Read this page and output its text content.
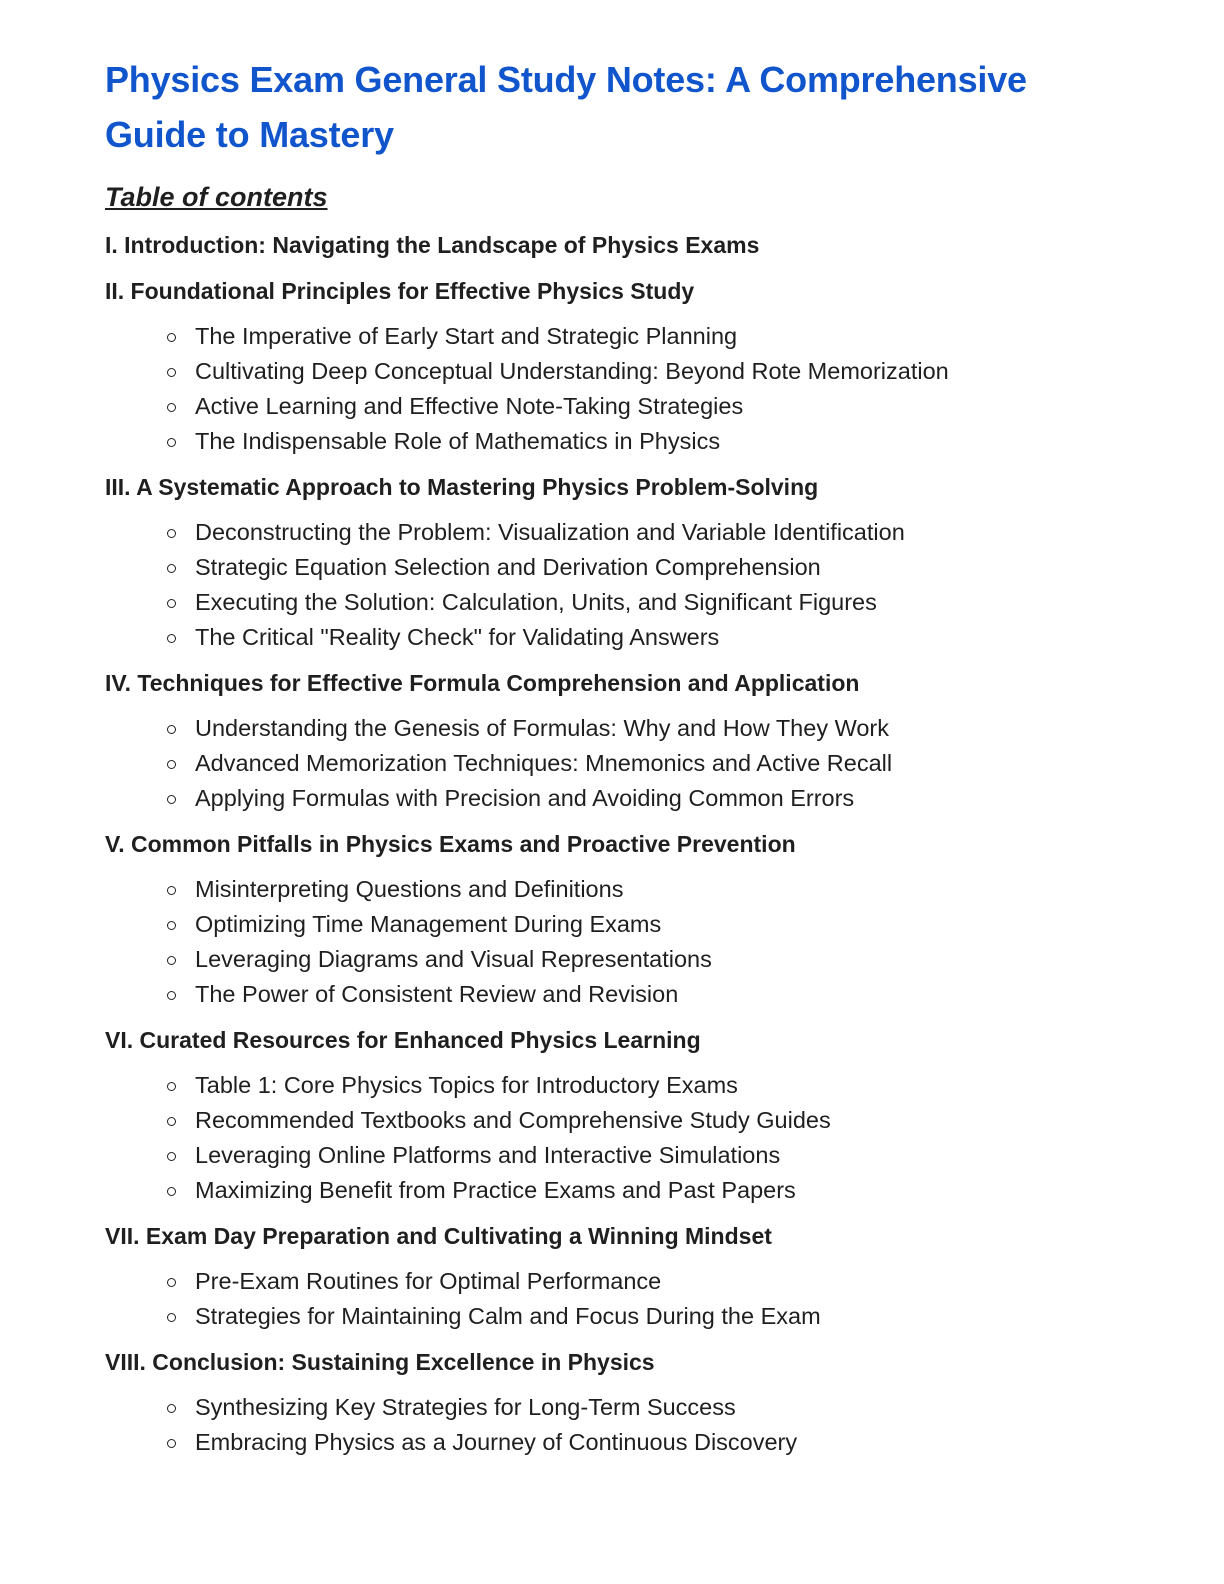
Physics Exam General Study Notes: A Comprehensive Guide to Mastery
Table of contents
I. Introduction: Navigating the Landscape of Physics Exams
II. Foundational Principles for Effective Physics Study
The Imperative of Early Start and Strategic Planning
Cultivating Deep Conceptual Understanding: Beyond Rote Memorization
Active Learning and Effective Note-Taking Strategies
The Indispensable Role of Mathematics in Physics
III. A Systematic Approach to Mastering Physics Problem-Solving
Deconstructing the Problem: Visualization and Variable Identification
Strategic Equation Selection and Derivation Comprehension
Executing the Solution: Calculation, Units, and Significant Figures
The Critical "Reality Check" for Validating Answers
IV. Techniques for Effective Formula Comprehension and Application
Understanding the Genesis of Formulas: Why and How They Work
Advanced Memorization Techniques: Mnemonics and Active Recall
Applying Formulas with Precision and Avoiding Common Errors
V. Common Pitfalls in Physics Exams and Proactive Prevention
Misinterpreting Questions and Definitions
Optimizing Time Management During Exams
Leveraging Diagrams and Visual Representations
The Power of Consistent Review and Revision
VI. Curated Resources for Enhanced Physics Learning
Table 1: Core Physics Topics for Introductory Exams
Recommended Textbooks and Comprehensive Study Guides
Leveraging Online Platforms and Interactive Simulations
Maximizing Benefit from Practice Exams and Past Papers
VII. Exam Day Preparation and Cultivating a Winning Mindset
Pre-Exam Routines for Optimal Performance
Strategies for Maintaining Calm and Focus During the Exam
VIII. Conclusion: Sustaining Excellence in Physics
Synthesizing Key Strategies for Long-Term Success
Embracing Physics as a Journey of Continuous Discovery
